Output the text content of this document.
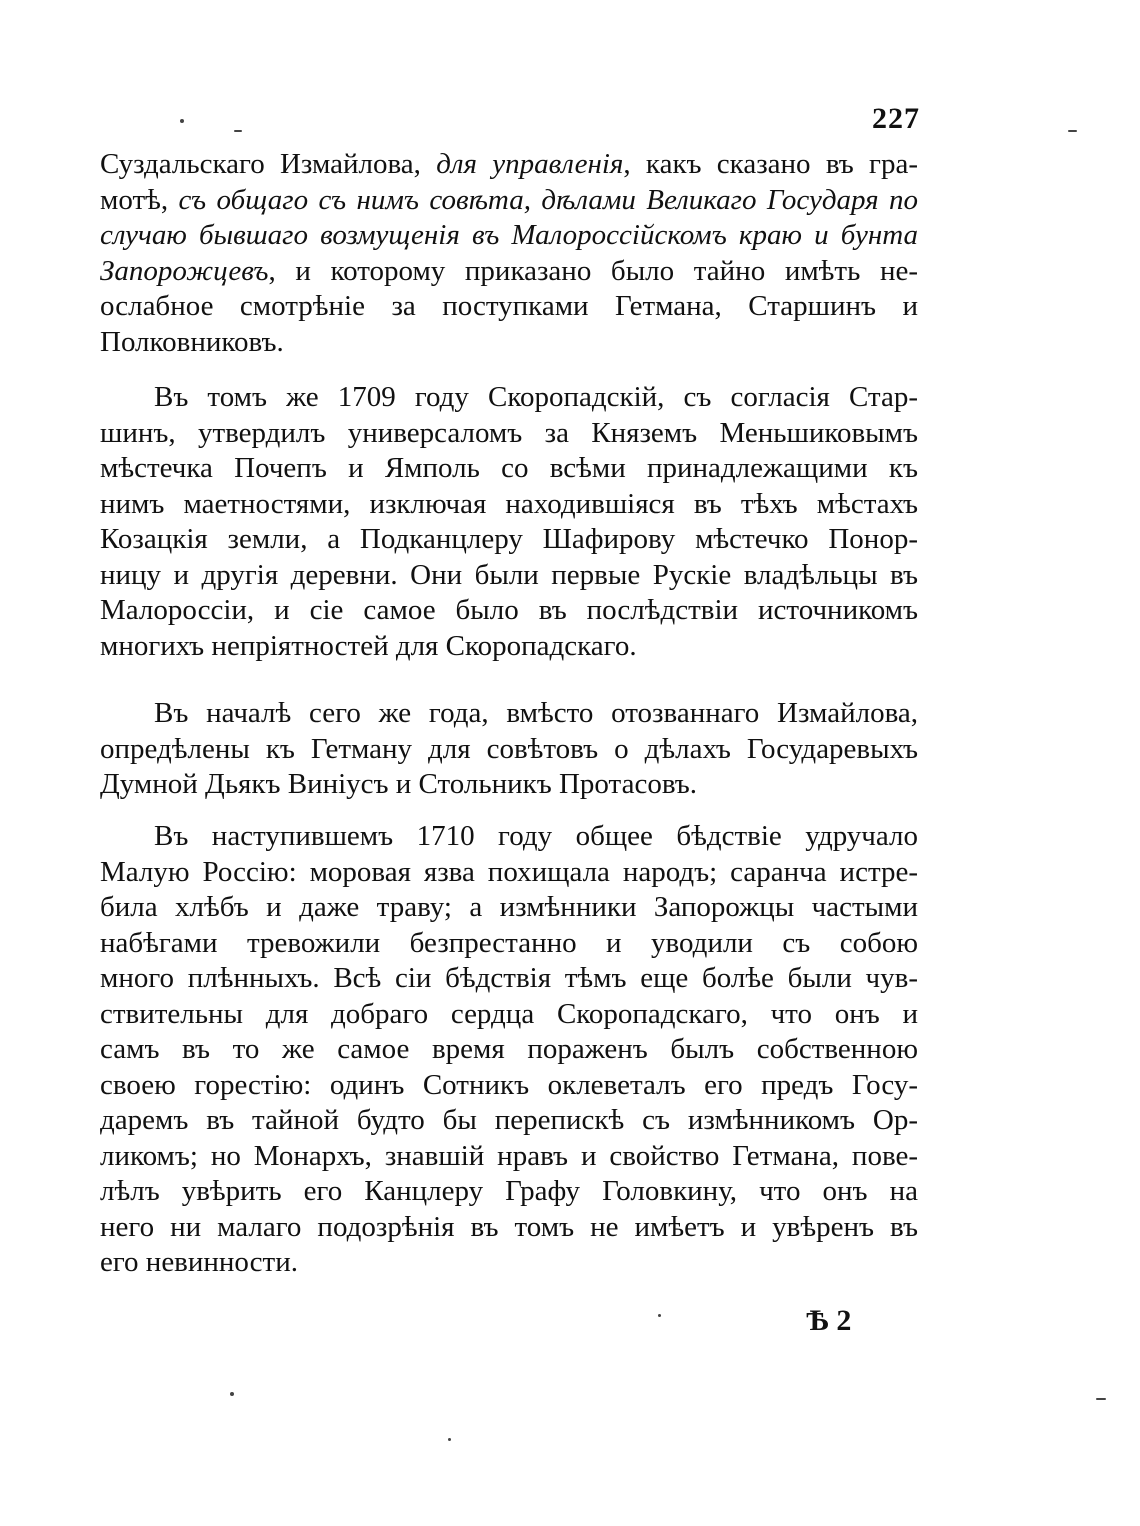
227
Суздальскаго Измайлова, для управленія, какъ сказано въ гра-
мотѣ, съ общаго съ нимъ совѣта, дѣлами Великаго Государя по
случаю бывшаго возмущенія въ Малороссійскомъ краю и бунта
Запорожцевъ, и которому приказано было тайно имѣть не-
ослабное смотрѣніе за поступками Гетмана, Старшинъ и
Полковниковъ.
Въ томъ же 1709 году Скоропадскій, съ согласія Стар-
шинъ, утвердилъ универсаломъ за Княземъ Меньшиковымъ
мѣстечка Почепъ и Ямполь со всѣми принадлежащими къ
нимъ маетностями, изключая находившіяся въ тѣхъ мѣстахъ
Козацкія земли, а Подканцлеру Шафирову мѣстечко Понор-
ницу и другія деревни. Они были первые Рускіе владѣльцы въ
Малороссіи, и сіе самое было въ послѣдствіи источникомъ
многихъ непріятностей для Скоропадскаго.
Въ началѣ сего же года, вмѣсто отозваннаго Измайлова,
опредѣлены къ Гетману для совѣтовъ о дѣлахъ Государевыхъ
Думной Дьякъ Виніусъ и Стольникъ Протасовъ.
Въ наступившемъ 1710 году общее бѣдствіе удручало
Малую Россію: моровая язва похищала народъ; саранча истре-
била хлѣбъ и даже траву; а измѣнники Запорожцы частыми
набѣгами тревожили безпрестанно и уводили съ собою
много плѣнныхъ. Всѣ сіи бѣдствія тѣмъ еще болѣе были чув-
ствительны для добраго сердца Скоропадскаго, что онъ и
самъ въ то же самое время пораженъ былъ собственною
своею горестію: одинъ Сотникъ оклеветалъ его предъ Госу-
даремъ въ тайной будто бы перепискѣ съ измѣнникомъ Ор-
ликомъ; но Монархъ, знавшій нравъ и свойство Гетмана, пове-
лѣлъ увѣрить его Канцлеру Графу Головкину, что онъ на
него ни малаго подозрѣнія въ томъ не имѣетъ и увѣренъ въ
его невинности.
Ѣ 2
